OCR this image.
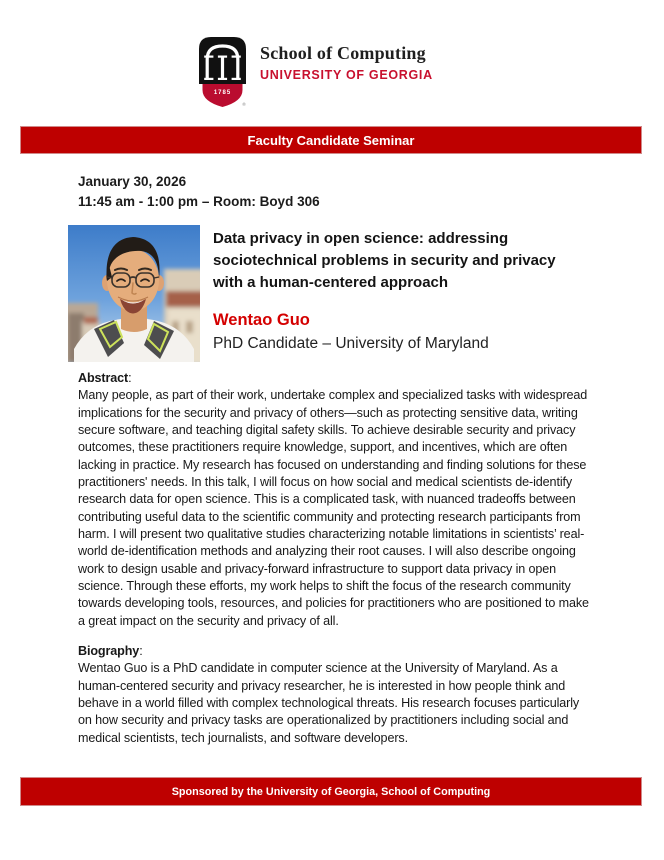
1785
®
School of Computing
UNIVERSITY OF GEORGIA
Faculty Candidate Seminar
January 30, 2026
11:45 am - 1:00 pm – Room: Boyd 306
Data privacy in open science: addressing
sociotechnical problems in security and privacy
with a human-centered approach
Wentao Guo
PhD Candidate – University of Maryland
Abstract:
Many people, as part of their work, undertake complex and specialized tasks with widespread implications for the security and privacy of others—such as protecting sensitive data, writing secure software, and teaching digital safety skills. To achieve desirable security and privacy outcomes, these practitioners require knowledge, support, and incentives, which are often lacking in practice. My research has focused on understanding and finding solutions for these practitioners' needs. In this talk, I will focus on how social and medical scientists de-identify research data for open science. This is a complicated task, with nuanced tradeoffs between contributing useful data to the scientific community and protecting research participants from harm. I will present two qualitative studies characterizing notable limitations in scientists’ real-world de-identification methods and analyzing their root causes. I will also describe ongoing work to design usable and privacy-forward infrastructure to support data privacy in open science. Through these efforts, my work helps to shift the focus of the research community towards developing tools, resources, and policies for practitioners who are positioned to make a great impact on the security and privacy of all.
Biography:
Wentao Guo is a PhD candidate in computer science at the University of Maryland. As a human-centered security and privacy researcher, he is interested in how people think and behave in a world filled with complex technological threats. His research focuses particularly on how security and privacy tasks are operationalized by practitioners including social and medical scientists, tech journalists, and software developers.
Sponsored by the University of Georgia, School of Computing
